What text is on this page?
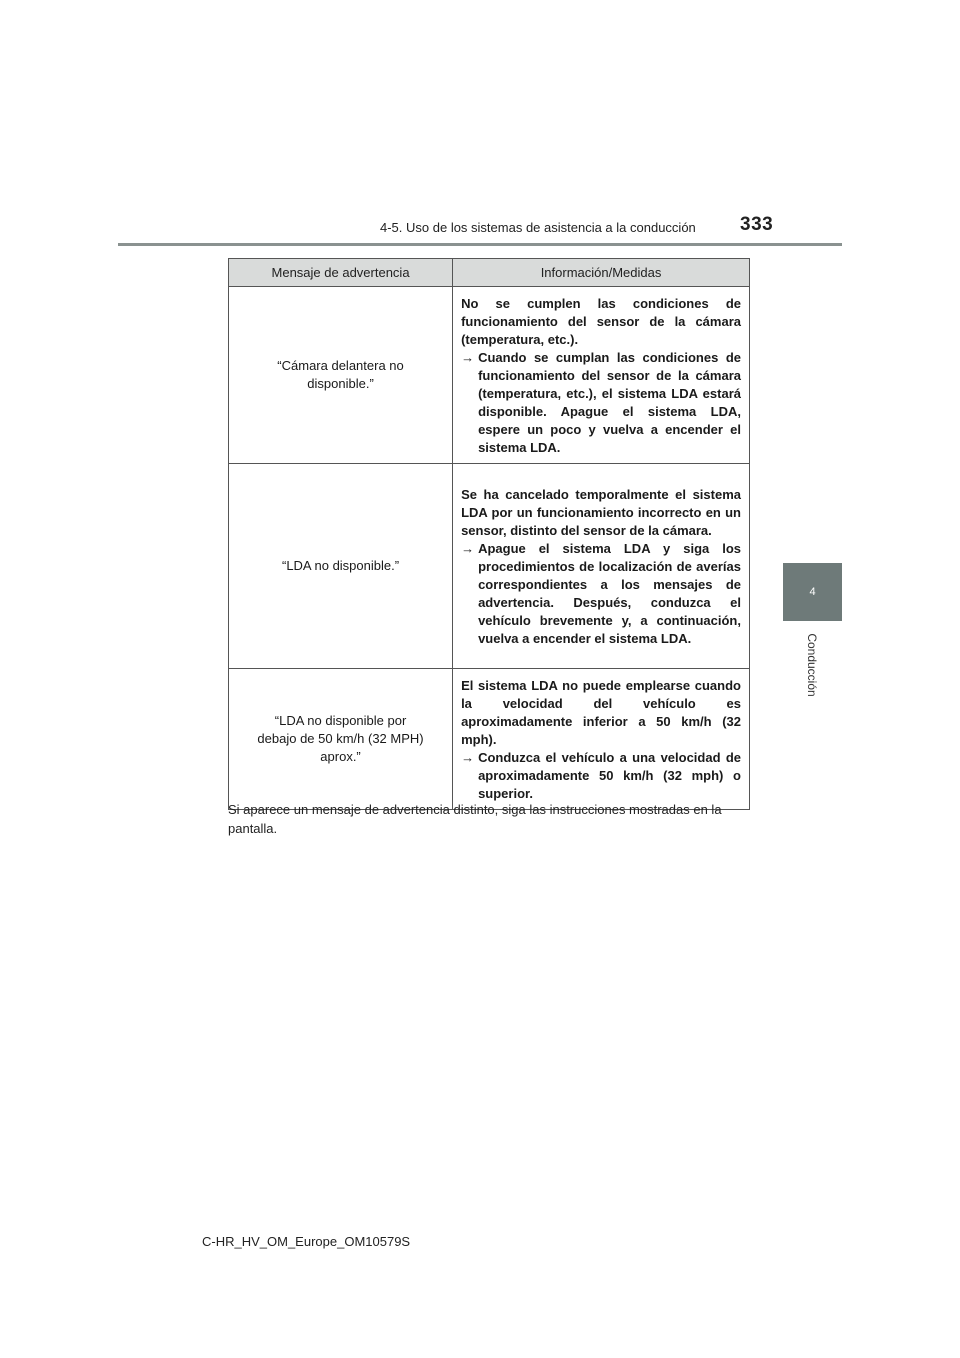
4-5. Uso de los sistemas de asistencia a la conducción 333
4
Conducción
Mensaje de advertencia	Información/Medidas
“Cámara delantera no disponible.”	No se cumplen las condiciones de funcionamiento del sensor de la cámara (temperatura, etc.).
→ Cuando se cumplan las condiciones de funcionamiento del sensor de la cámara (temperatura, etc.), el sistema LDA estará disponible. Apague el sistema LDA, espere un poco y vuelva a encender el sistema LDA.

“LDA no disponible.”	Se ha cancelado temporalmente el sistema LDA por un funcionamiento incorrecto en un sensor, distinto del sensor de la cámara.
→ Apague el sistema LDA y siga los procedimientos de localización de averías correspondientes a los mensajes de advertencia. Después, conduzca el vehículo brevemente y, a continuación, vuelva a encender el sistema LDA.

“LDA no disponible por debajo de 50 km/h (32 MPH) aprox.”	El sistema LDA no puede emplearse cuando la velocidad del vehículo es aproximadamente inferior a 50 km/h (32 mph).
→ Conduzca el vehículo a una velocidad de aproximadamente 50 km/h (32 mph) o superior.
Si aparece un mensaje de advertencia distinto, siga las instrucciones mostradas en la pantalla.
C-HR_HV_OM_Europe_OM10579S
